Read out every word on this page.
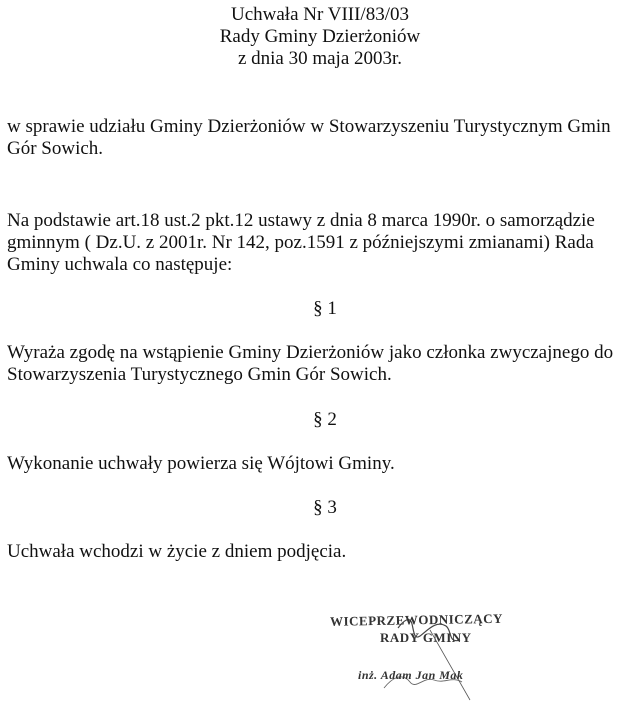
Uchwała Nr VIII/83/03
Rady Gminy Dzierżoniów
z dnia 30 maja 2003r.
w sprawie udziału Gminy Dzierżoniów w Stowarzyszeniu Turystycznym Gmin
Gór Sowich.
Na podstawie art.18 ust.2 pkt.12 ustawy z dnia 8 marca 1990r. o samorządzie
gminnym ( Dz.U. z 2001r. Nr 142, poz.1591 z późniejszymi zmianami) Rada
Gminy uchwala co następuje:
§ 1
Wyraża zgodę na wstąpienie Gminy Dzierżoniów jako członka zwyczajnego do
Stowarzyszenia Turystycznego Gmin Gór Sowich.
§ 2
Wykonanie uchwały powierza się Wójtowi Gminy.
§ 3
Uchwała wchodzi w życie z dniem podjęcia.
WICEPRZEWODNICZĄCY
RADY GMINY
inż. Adam Jan Mak
